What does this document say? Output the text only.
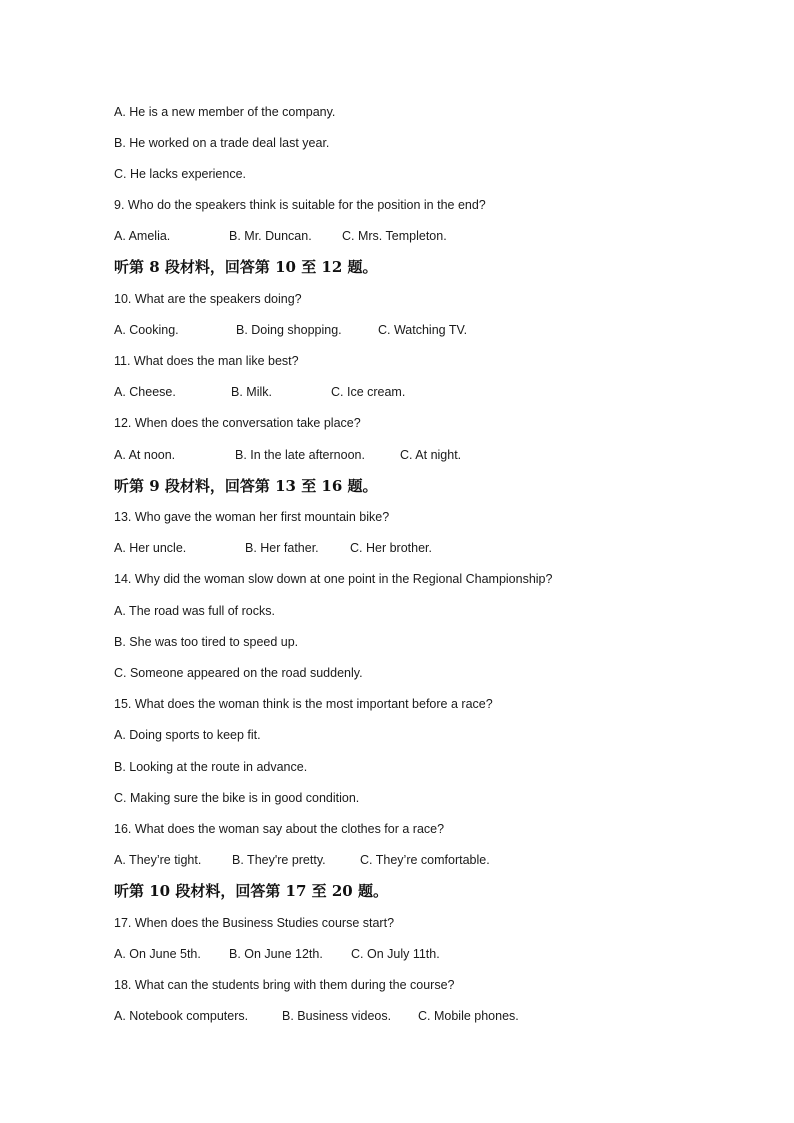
A. He is a new member of the company.
B. He worked on a trade deal last year.
C. He lacks experience.
9. Who do the speakers think is suitable for the position in the end?
A. Amelia.	B. Mr. Duncan. C. Mrs. Templeton.
听第 8 段材料，回答第 10 至 12 题。
10. What are the speakers doing?
A. Cooking.	B. Doing shopping.	C. Watching TV.
11. What does the man like best?
A. Cheese.	B. Milk.	C. Ice cream.
12. When does the conversation take place?
A. At noon.	B. In the late afternoon.	C. At night.
听第 9 段材料，回答第 13 至 16 题。
13. Who gave the woman her first mountain bike?
A. Her uncle.	B. Her father.	C. Her brother.
14. Why did the woman slow down at one point in the Regional Championship?
A. The road was full of rocks.
B. She was too tired to speed up.
C. Someone appeared on the road suddenly.
15. What does the woman think is the most important before a race?
A. Doing sports to keep fit.
B. Looking at the route in advance.
C. Making sure the bike is in good condition.
16. What does the woman say about the clothes for a race?
A. They’re tight. B. They're pretty.	C. They’re comfortable.
听第 10 段材料，回答第 17 至 20 题。
17. When does the Business Studies course start?
A. On June 5th. B. On June 12th. C. On July 11th.
18. What can the students bring with them during the course?
A. Notebook computers.	B. Business videos. C. Mobile phones.
